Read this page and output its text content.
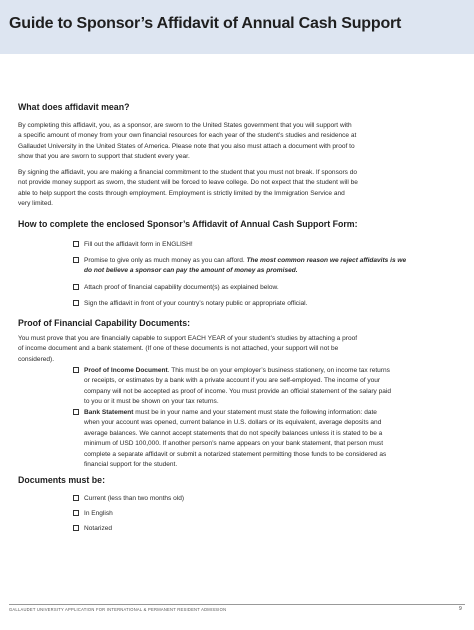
Guide to Sponsor’s Affidavit of Annual Cash Support
What does affidavit mean?
By completing this affidavit, you, as a sponsor, are sworn to the United States government that you will support with
a specific amount of money from your own financial resources for each year of the student’s studies and residence at
Gallaudet University in the United States of America. Please note that you also must attach a document with proof to
show that you are sworn to support that student every year.
By signing the affidavit, you are making a financial commitment to the student that you must not break. If sponsors do
not provide money support as sworn, the student will be forced to leave college. Do not expect that the student will be
able to help support the costs through employment. Employment is strictly limited by the Immigration Service and
very limited.
How to complete the enclosed Sponsor’s Affidavit of Annual Cash Support Form:
Fill out the affidavit form in ENGLISH!
Promise to give only as much money as you can afford. The most common reason we reject affidavits is we
do not believe a sponsor can pay the amount of money as promised.
Attach proof of financial capability document(s) as explained below.
Sign the affidavit in front of your country’s notary public or appropriate official.
Proof of Financial Capability Documents:
You must prove that you are financially capable to support EACH YEAR of your student’s studies by attaching a proof
of income document and a bank statement. (If one of these documents is not attached, your support will not be
considered).
Proof of Income Document. This must be on your employer’s business stationery, on income tax returns
or receipts, or estimates by a bank with a private account if you are self-employed. The income of your
company will not be accepted as proof of income. You must provide an official statement of the salary paid
to you or it must be shown on your tax returns.
Bank Statement must be in your name and your statement must state the following information: date
when your account was opened, current balance in U.S. dollars or its equivalent, average deposits and
average balances. We cannot accept statements that do not specify balances unless it is stated to be a
minimum of USD 100,000. If another person’s name appears on your bank statement, that person must
complete a separate affidavit or submit a notarized statement permitting those funds to be considered as
financial support for the student.
Documents must be:
Current (less than two months old)
In English
Notarized
GALLAUDET UNIVERSITY APPLICATION FOR INTERNATIONAL & PERMANENT RESIDENT ADMISSION	9
